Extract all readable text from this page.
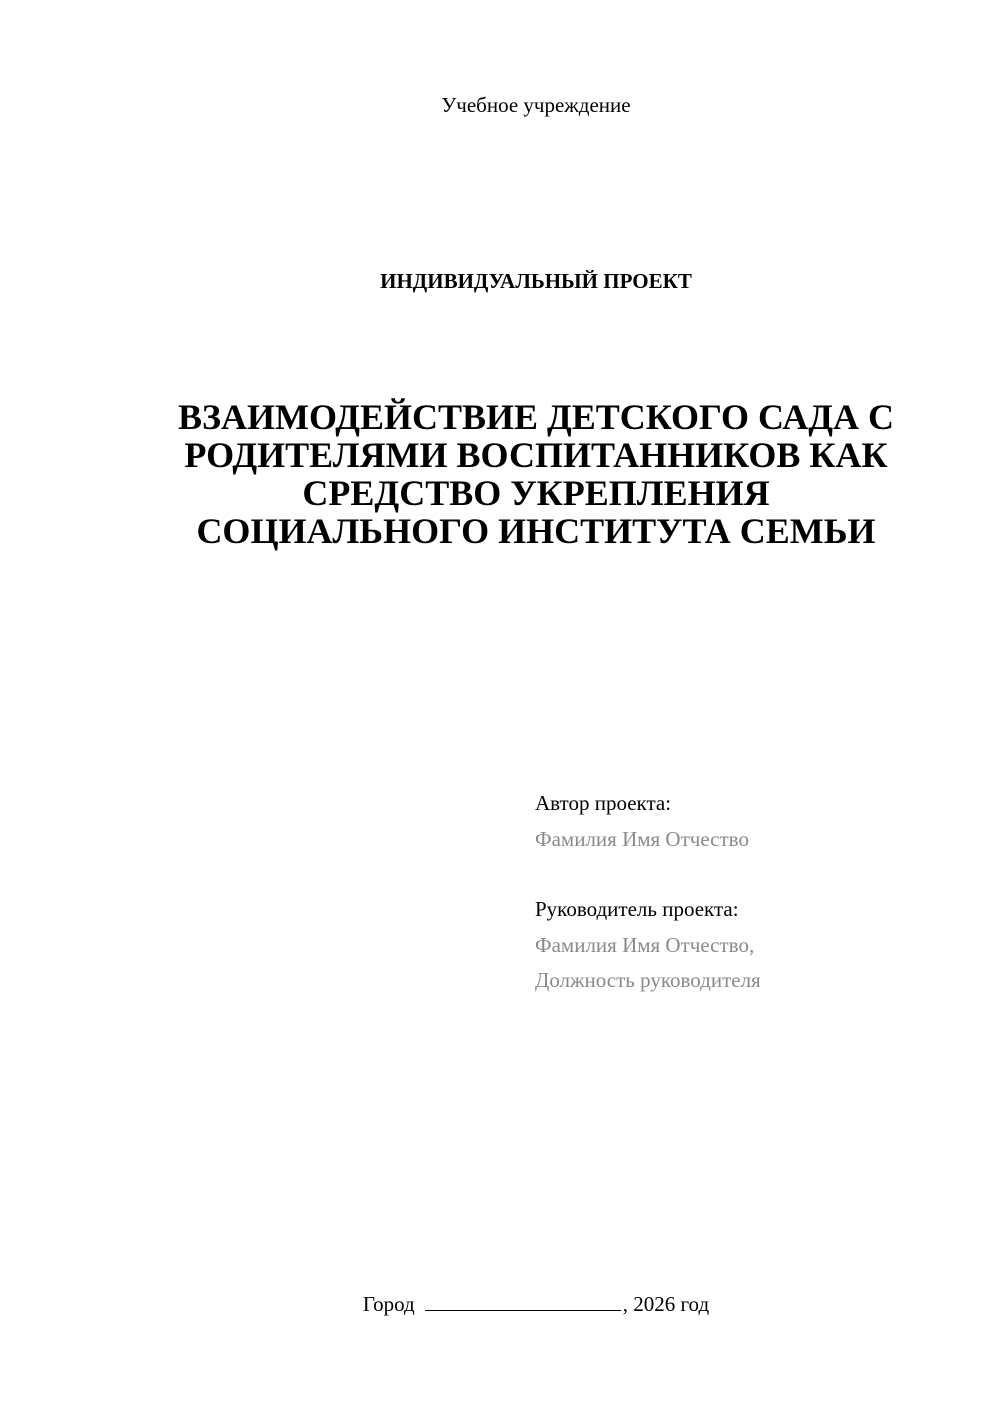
Учебное учреждение
ИНДИВИДУАЛЬНЫЙ ПРОЕКТ
ВЗАИМОДЕЙСТВИЕ ДЕТСКОГО САДА С
РОДИТЕЛЯМИ ВОСПИТАННИКОВ КАК
СРЕДСТВО УКРЕПЛЕНИЯ
СОЦИАЛЬНОГО ИНСТИТУТА СЕМЬИ
Автор проекта:
Фамилия Имя Отчество
Руководитель проекта:
Фамилия Имя Отчество,
Должность руководителя
Город	, 2026 год
